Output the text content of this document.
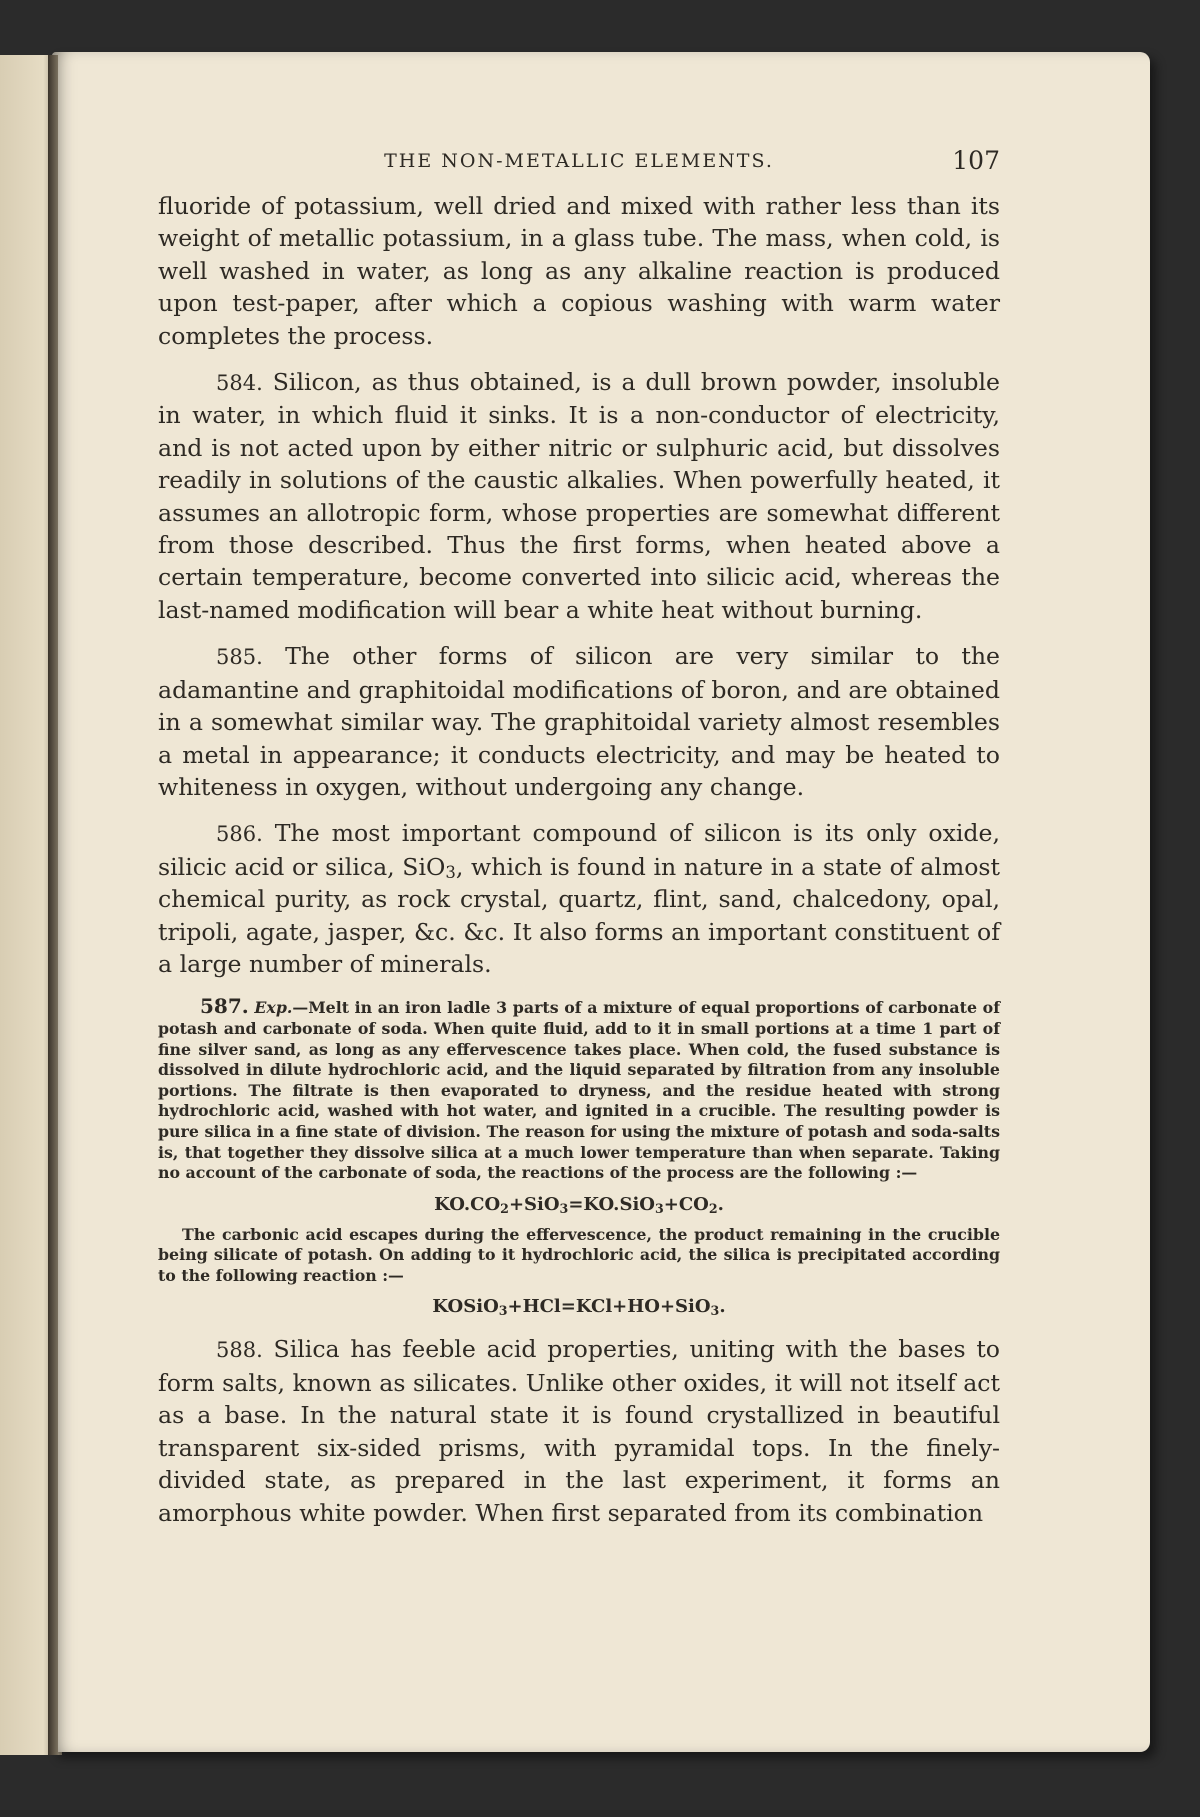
THE NON-METALLIC ELEMENTS.	107

fluoride of potassium, well dried and mixed with rather less than its weight of metallic potassium, in a glass tube. The mass, when cold, is well washed in water, as long as any alkaline reaction is produced upon test-paper, after which a copious washing with warm water completes the process.

584. Silicon, as thus obtained, is a dull brown powder, insoluble in water, in which fluid it sinks. It is a non-conductor of electricity, and is not acted upon by either nitric or sulphuric acid, but dissolves readily in solutions of the caustic alkalies. When powerfully heated, it assumes an allotropic form, whose properties are somewhat different from those described. Thus the first forms, when heated above a certain temperature, become converted into silicic acid, whereas the last-named modification will bear a white heat without burning.

585. The other forms of silicon are very similar to the adamantine and graphitoidal modifications of boron, and are obtained in a somewhat similar way. The graphitoidal variety almost resembles a metal in appearance; it conducts electricity, and may be heated to whiteness in oxygen, without undergoing any change.

586. The most important compound of silicon is its only oxide, silicic acid or silica, SiO$_3$, which is found in nature in a state of almost chemical purity, as rock crystal, quartz, flint, sand, chalcedony, opal, tripoli, agate, jasper, &c. &c. It also forms an important constituent of a large number of minerals.

587. Exp.—Melt in an iron ladle 3 parts of a mixture of equal proportions of carbonate of potash and carbonate of soda. When quite fluid, add to it in small portions at a time 1 part of fine silver sand, as long as any effervescence takes place. When cold, the fused substance is dissolved in dilute hydrochloric acid, and the liquid separated by filtration from any insoluble portions. The filtrate is then evaporated to dryness, and the residue heated with strong hydrochloric acid, washed with hot water, and ignited in a crucible. The resulting powder is pure silica in a fine state of division. The reason for using the mixture of potash and soda-salts is, that together they dissolve silica at a much lower temperature than when separate. Taking no account of the carbonate of soda, the reactions of the process are the following :—

$KO.CO_2+SiO_3=KO.SiO_3+CO_2$.

The carbonic acid escapes during the effervescence, the product remaining in the crucible being silicate of potash. On adding to it hydrochloric acid, the silica is precipitated according to the following reaction :—

KOSiO$_3$+HCl=KCl+HO+SiO$_3$.

588. Silica has feeble acid properties, uniting with the bases to form salts, known as silicates. Unlike other oxides, it will not itself act as a base. In the natural state it is found crystallized in beautiful transparent six-sided prisms, with pyramidal tops. In the finely-divided state, as prepared in the last experiment, it forms an amorphous white powder. When first separated from its combination
